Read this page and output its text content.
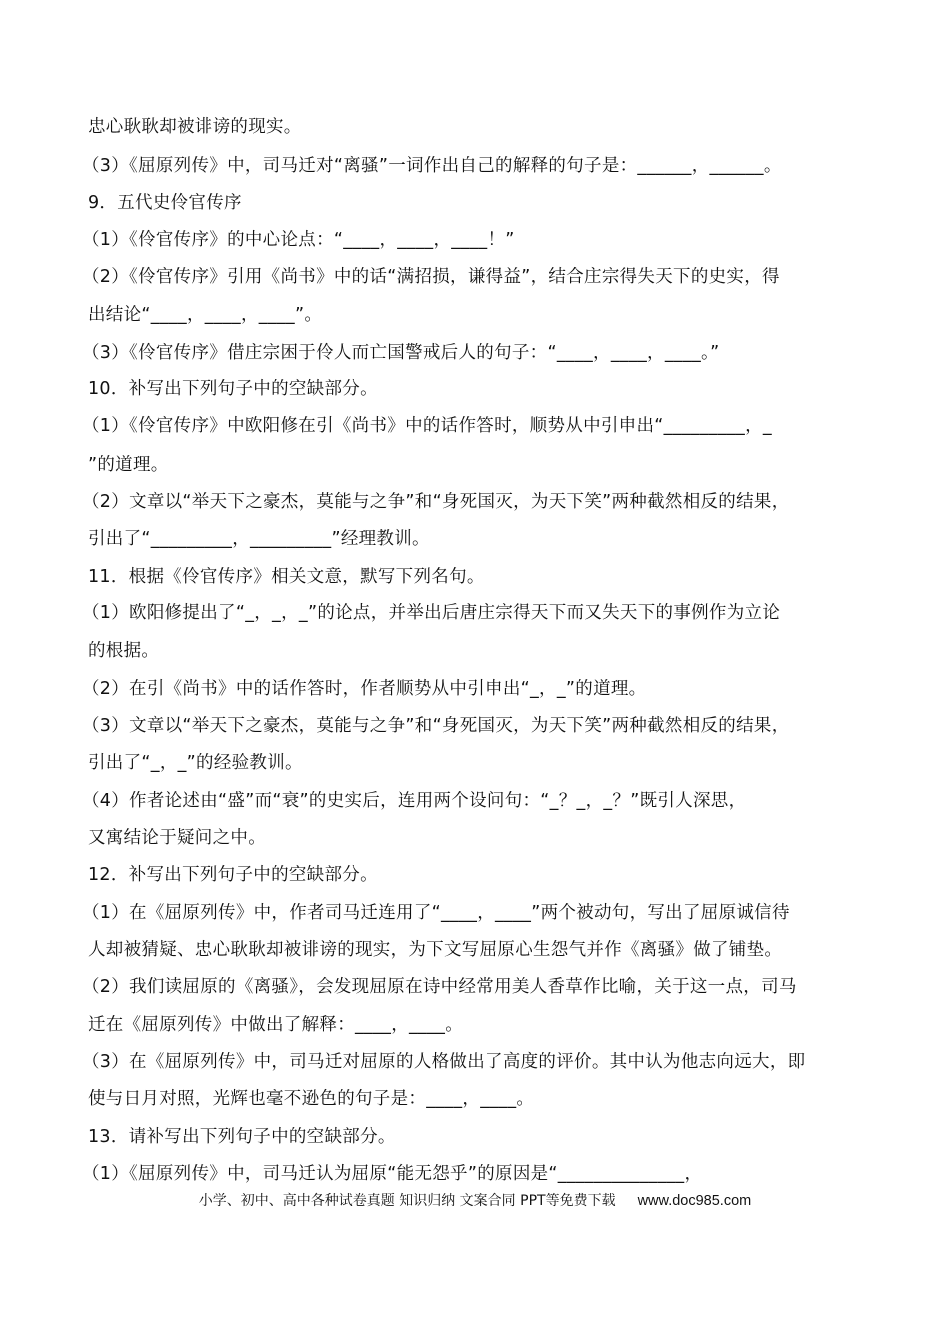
忠心耿耿却被诽谤的现实。
（3）《屈原列传》中，司马迁对“离骚”一词作出自己的解释的句子是：______，______。
9．五代史伶官传序
（1）《伶官传序》的中心论点：“____，____，____！”
（2）《伶官传序》引用《尚书》中的话“满招损，谦得益”，结合庄宗得失天下的史实，得
出结论“____，____，____”。
（3）《伶官传序》借庄宗困于伶人而亡国警戒后人的句子：“____，____，____。”
10．补写出下列句子中的空缺部分。
（1）《伶官传序》中欧阳修在引《尚书》中的话作答时，顺势从中引申出“_________，_
”的道理。
（2）文章以“举天下之豪杰，莫能与之争”和“身死国灭，为天下笑”两种截然相反的结果，
引出了“_________，_________”经理教训。
11．根据《伶官传序》相关文意，默写下列名句。
（1）欧阳修提出了“_，_，_”的论点，并举出后唐庄宗得天下而又失天下的事例作为立论
的根据。
（2）在引《尚书》中的话作答时，作者顺势从中引申出“_，_”的道理。
（3）文章以“举天下之豪杰，莫能与之争”和“身死国灭，为天下笑”两种截然相反的结果，
引出了“_，_”的经验教训。
（4）作者论述由“盛”而“衰”的史实后，连用两个设问句：“_？_，_？”既引人深思，
又寓结论于疑问之中。
12．补写出下列句子中的空缺部分。
（1）在《屈原列传》中，作者司马迁连用了“____，____”两个被动句，写出了屈原诚信待
人却被猜疑、忠心耿耿却被诽谤的现实，为下文写屈原心生怨气并作《离骚》做了铺垫。
（2）我们读屈原的《离骚》，会发现屈原在诗中经常用美人香草作比喻，关于这一点，司马
迁在《屈原列传》中做出了解释：____，____。
（3）在《屈原列传》中，司马迁对屈原的人格做出了高度的评价。其中认为他志向远大，即
使与日月对照，光辉也毫不逊色的句子是：____，____。
13．请补写出下列句子中的空缺部分。
（1）《屈原列传》中，司马迁认为屈原“能无怨乎”的原因是“______________，
小学、初中、高中各种试卷真题 知识归纳 文案合同 PPT等免费下载 www.doc985.com
